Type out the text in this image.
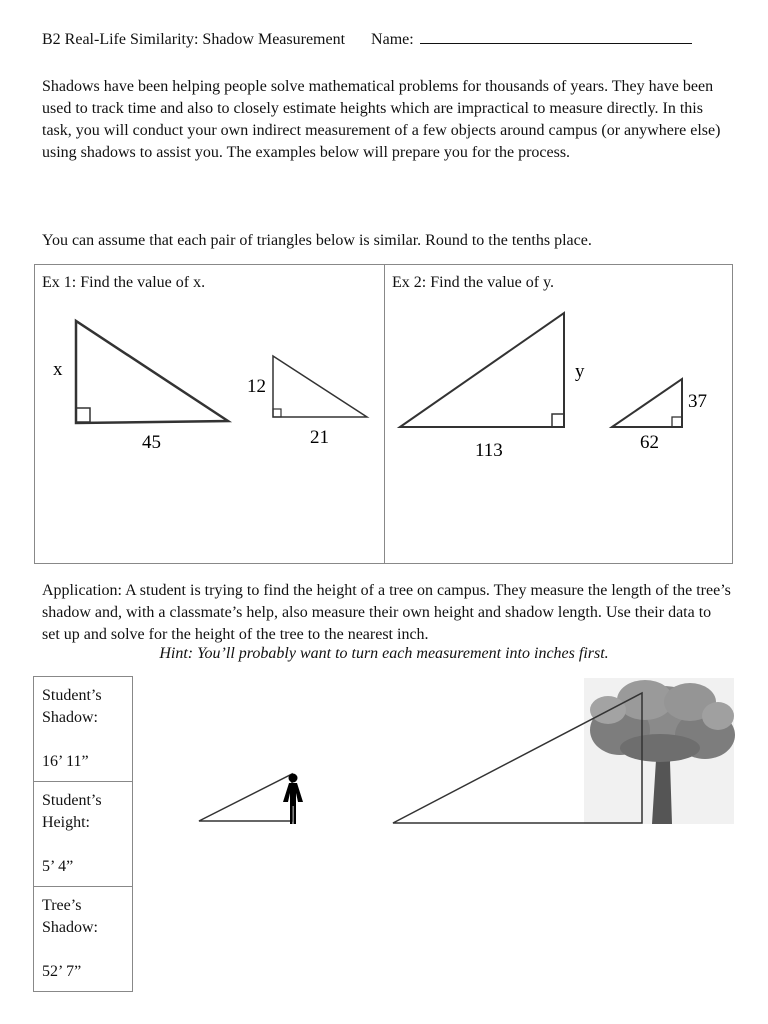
B2 Real-Life Similarity: Shadow Measurement Name:
Shadows have been helping people solve mathematical problems for thousands of years. They have been used to track time and also to closely estimate heights which are impractical to measure directly. In this task, you will conduct your own indirect measurement of a few objects around campus (or anywhere else) using shadows to assist you. The examples below will prepare you for the process.
You can assume that each pair of triangles below is similar. Round to the tenths place.
Ex 1: Find the value of x.	Ex 2: Find the value of y.
x
45
12
21
y
113
37
62
Application: A student is trying to find the height of a tree on campus. They measure the length of the tree’s shadow and, with a classmate’s help, also measure their own height and shadow length. Use their data to set up and solve for the height of the tree to the nearest inch.
Hint: You’ll probably want to turn each measurement into inches first.
Student’s Shadow:
16’ 11”
Student’s Height:
5’ 4”
Tree’s Shadow:
52’ 7”
